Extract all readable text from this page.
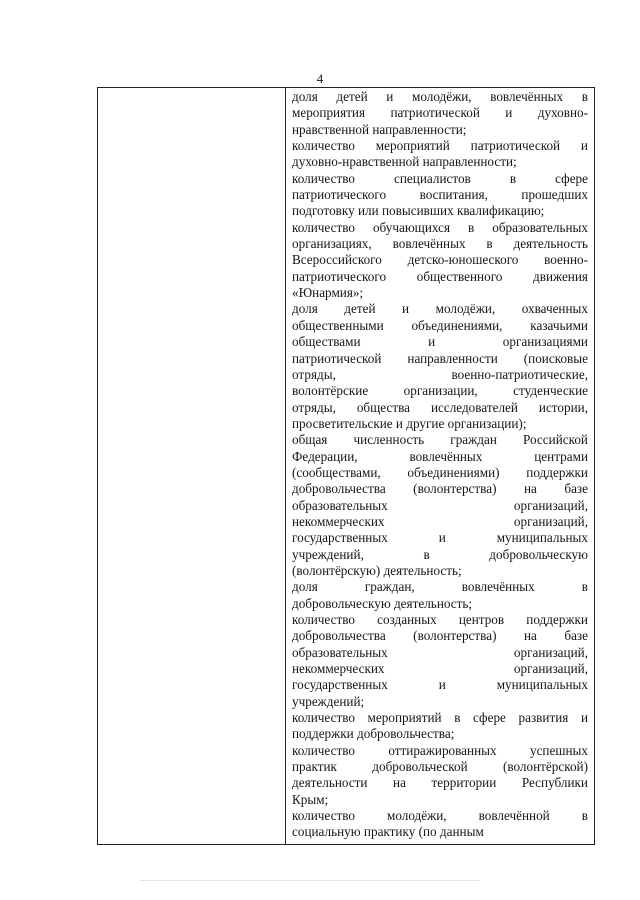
4

доля детей и молодёжи, вовлечённых в
мероприятия патриотической и духовно-
нравственной направленности;
количество мероприятий патриотической и
духовно-нравственной направленности;
количество специалистов в сфере
патриотического воспитания, прошедших
подготовку или повысивших квалификацию;
количество обучающихся в образовательных
организациях, вовлечённых в деятельность
Всероссийского детско-юношеского военно-
патриотического общественного движения
«Юнармия»;
доля детей и молодёжи, охваченных
общественными объединениями, казачьими
обществами и организациями
патриотической направленности (поисковые
отряды, военно-патриотические,
волонтёрские организации, студенческие
отряды, общества исследователей истории,
просветительские и другие организации);
общая численность граждан Российской
Федерации, вовлечённых центрами
(сообществами, объединениями) поддержки
добровольчества (волонтерства) на базе
образовательных организаций,
некоммерческих организаций,
государственных и муниципальных
учреждений, в добровольческую
(волонтёрскую) деятельность;
доля граждан, вовлечённых в
добровольческую деятельность;
количество созданных центров поддержки
добровольчества (волонтерства) на базе
образовательных организаций,
некоммерческих организаций,
государственных и муниципальных
учреждений;
количество мероприятий в сфере развития и
поддержки добровольчества;
количество оттиражированных успешных
практик добровольческой (волонтёрской)
деятельности на территории Республики
Крым;
количество молодёжи, вовлечённой в
социальную практику (по данным
